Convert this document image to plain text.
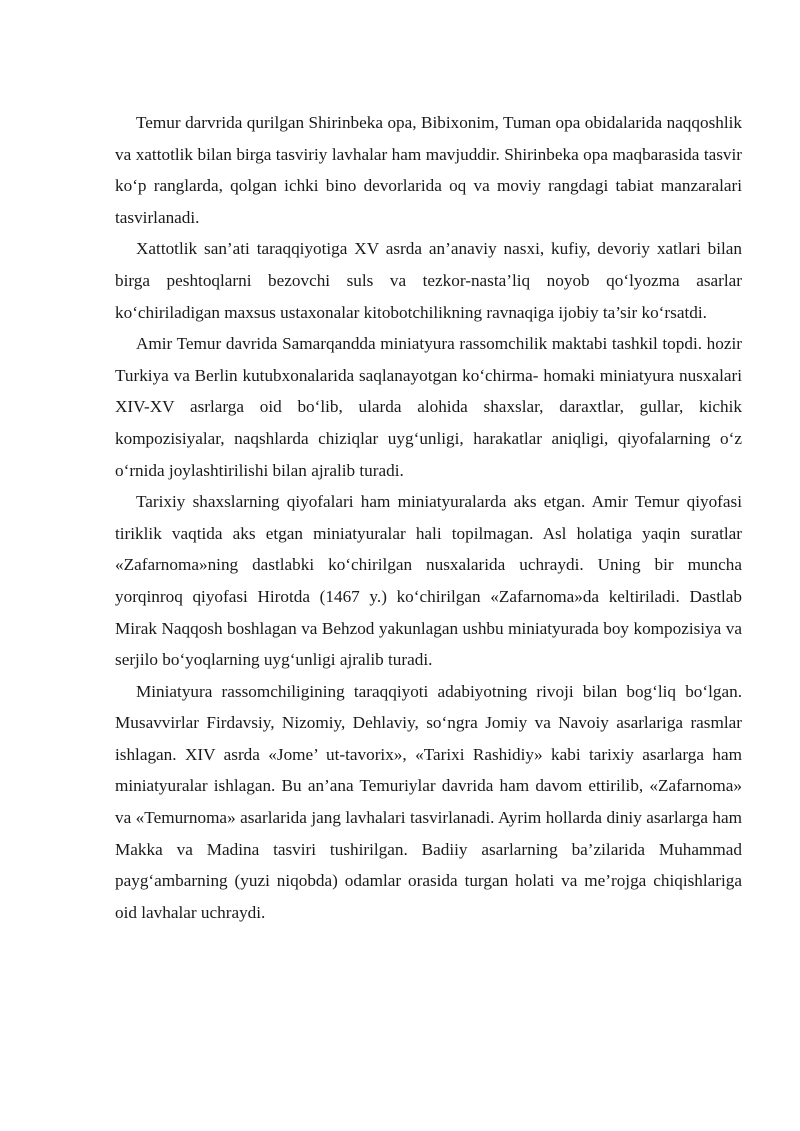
Temur darvrida qurilgan Shirinbeka opa, Bibixonim, Tuman opa obidalarida naqqoshlik va xattotlik bilan birga tasviriy lavhalar ham mavjuddir. Shirinbeka opa maqbarasida tasvir ko‘p ranglarda, qolgan ichki bino devorlarida oq va moviy rangdagi tabiat manzaralari tasvirlanadi.

Xattotlik san’ati taraqqiyotiga XV asrda an’anaviy nasxi, kufiy, devoriy xatlari bilan birga peshtoqlarni bezovchi suls va tezkor-nasta’liq noyob qo‘lyozma asarlar ko‘chiriladigan maxsus ustaxonalar kitobotchilikning ravnaqiga ijobiy ta’sir ko‘rsatdi.

Amir Temur davrida Samarqandda miniatyura rassomchilik maktabi tashkil topdi. hozir Turkiya va Berlin kutubxonalarida saqlanayotgan ko‘chirma- homaki miniatyura nusxalari XIV-XV asrlarga oid bo‘lib, ularda alohida shaxslar, daraxtlar, gullar, kichik kompozisiyalar, naqshlarda chiziqlar uyg‘unligi, harakatlar aniqligi, qiyofalarning o‘z o‘rnida joylashtirilishi bilan ajralib turadi.

Tarixiy shaxslarning qiyofalari ham miniatyuralarda aks etgan. Amir Temur qiyofasi tiriklik vaqtida aks etgan miniatyuralar hali topilmagan. Asl holatiga yaqin suratlar «Zafarnoma»ning dastlabki ko‘chirilgan nusxalarida uchraydi. Uning bir muncha yorqinroq qiyofasi Hirotda (1467 y.) ko‘chirilgan «Zafarnoma»da keltiriladi. Dastlab Mirak Naqqosh boshlagan va Behzod yakunlagan ushbu miniatyurada boy kompozisiya va serjilo bo‘yoqlarning uyg‘unligi ajralib turadi.

Miniatyura rassomchiligining taraqqiyoti adabiyotning rivoji bilan bog‘liq bo‘lgan. Musavvirlar Firdavsiy, Nizomiy, Dehlaviy, so‘ngra Jomiy va Navoiy asarlariga rasmlar ishlagan. XIV asrda «Jome’ ut-tavorix», «Tarixi Rashidiy» kabi tarixiy asarlarga ham miniatyuralar ishlagan. Bu an’ana Temuriylar davrida ham davom ettirilib, «Zafarnoma» va «Temurnoma» asarlarida jang lavhalari tasvirlanadi. Ayrim hollarda diniy asarlarga ham Makka va Madina tasviri tushirilgan. Badiiy asarlarning ba’zilarida Muhammad payg‘ambarning (yuzi niqobda) odamlar orasida turgan holati va me’rojga chiqishlariga oid lavhalar uchraydi.
